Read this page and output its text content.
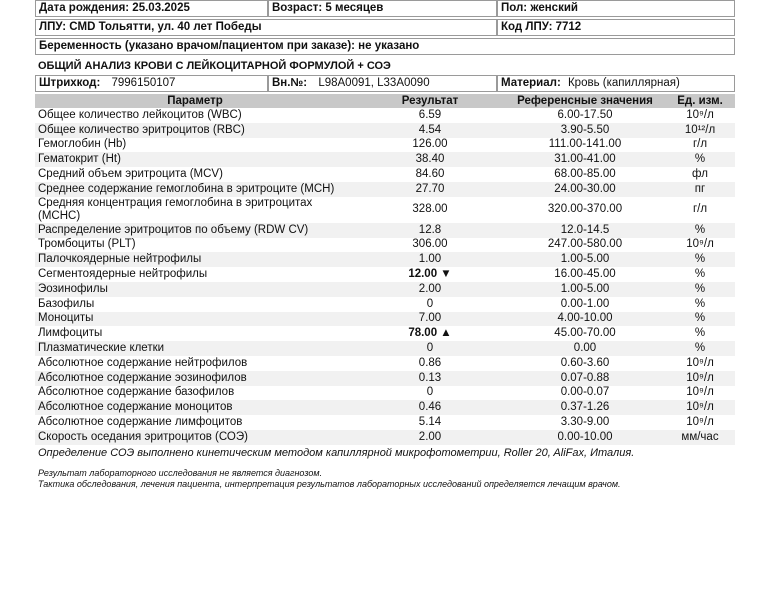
Дата рождения: 25.03.2025	Возраст: 5 месяцев	Пол: женский
ЛПУ: CMD Тольятти, ул. 40 лет Победы	Код ЛПУ: 7712
Беременность (указано врачом/пациентом при заказе): не указано
ОБЩИЙ АНАЛИЗ КРОВИ С ЛЕЙКОЦИТАРНОЙ ФОРМУЛОЙ + СОЭ
Штрихкод: 7996150107	Вн.№: L98A0091, L33A0090	Материал: Кровь (капиллярная)
Параметр	Результат	Референсные значения	Ед. изм.
Общее количество лейкоцитов (WBC)	6.59	6.00-17.50	10⁹/л
Общее количество эритроцитов (RBC)	4.54	3.90-5.50	10¹²/л
Гемоглобин (Hb)	126.00	111.00-141.00	г/л
Гематокрит (Ht)	38.40	31.00-41.00	%
Средний объем эритроцита (MCV)	84.60	68.00-85.00	фл
Среднее содержание гемоглобина в эритроците (MCH)	27.70	24.00-30.00	пг
Средняя концентрация гемоглобина в эритроцитах (MCHC)	328.00	320.00-370.00	г/л
Распределение эритроцитов по объему (RDW CV)	12.8	12.0-14.5	%
Тромбоциты (PLT)	306.00	247.00-580.00	10⁹/л
Палочкоядерные нейтрофилы	1.00	1.00-5.00	%
Сегментоядерные нейтрофилы	12.00 ▼	16.00-45.00	%
Эозинофилы	2.00	1.00-5.00	%
Базофилы	0	0.00-1.00	%
Моноциты	7.00	4.00-10.00	%
Лимфоциты	78.00 ▲	45.00-70.00	%
Плазматические клетки	0	0.00	%
Абсолютное содержание нейтрофилов	0.86	0.60-3.60	10⁹/л
Абсолютное содержание эозинофилов	0.13	0.07-0.88	10⁹/л
Абсолютное содержание базофилов	0	0.00-0.07	10⁹/л
Абсолютное содержание моноцитов	0.46	0.37-1.26	10⁹/л
Абсолютное содержание лимфоцитов	5.14	3.30-9.00	10⁹/л
Скорость оседания эритроцитов (СОЭ)	2.00	0.00-10.00	мм/час
Определение СОЭ выполнено кинетическим методом капиллярной микрофотометрии, Roller 20, AliFax, Италия.
Результат лабораторного исследования не является диагнозом.
Тактика обследования, лечения пациента, интерпретация результатов лабораторных исследований определяется лечащим врачом.
